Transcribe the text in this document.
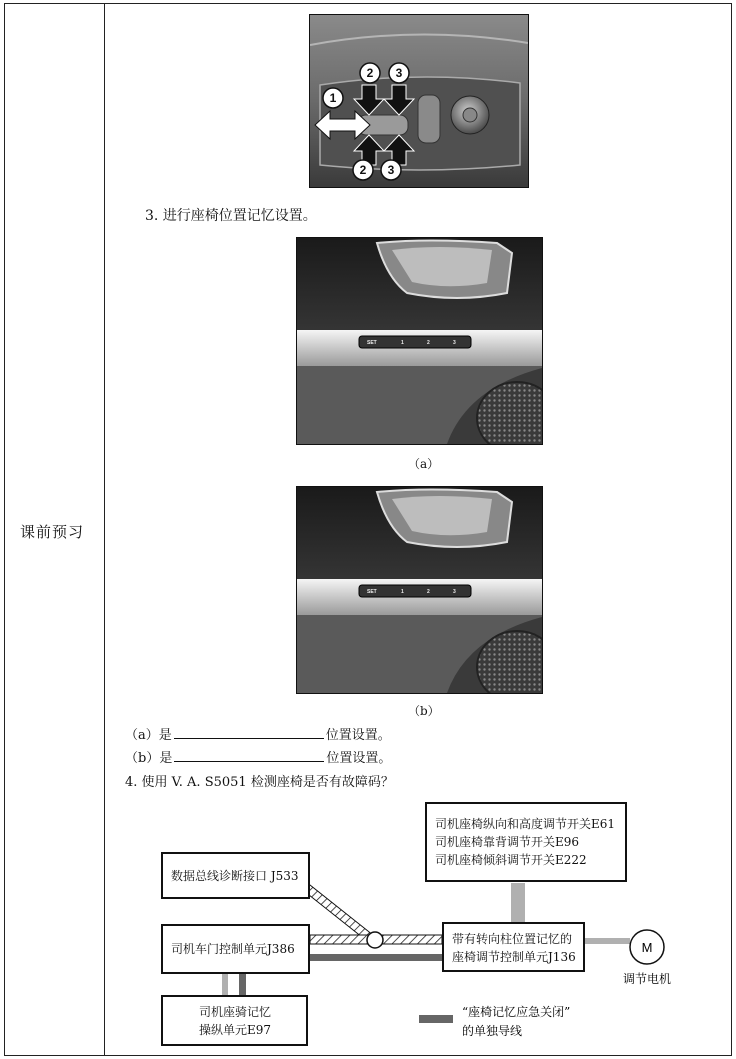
课前预习
1
2 3
2 3
3. 进行座椅位置记忆设置。
SET	1	2	3
（a）
SET	1	2	3
（b）
（a）是	位置设置。
（b）是	位置设置。
4. 使用 V. A. S5051 检测座椅是否有故障码？
M
调节电机
“座椅记忆应急关闭”
的单独导线
司机座椅纵向和高度调节开关E61
司机座椅靠背调节开关E96
司机座椅倾斜调节开关E222
数据总线诊断接口 J533
司机车门控制单元J386
带有转向柱位置记忆的
座椅调节控制单元J136
司机座骑记忆
操纵单元E97
